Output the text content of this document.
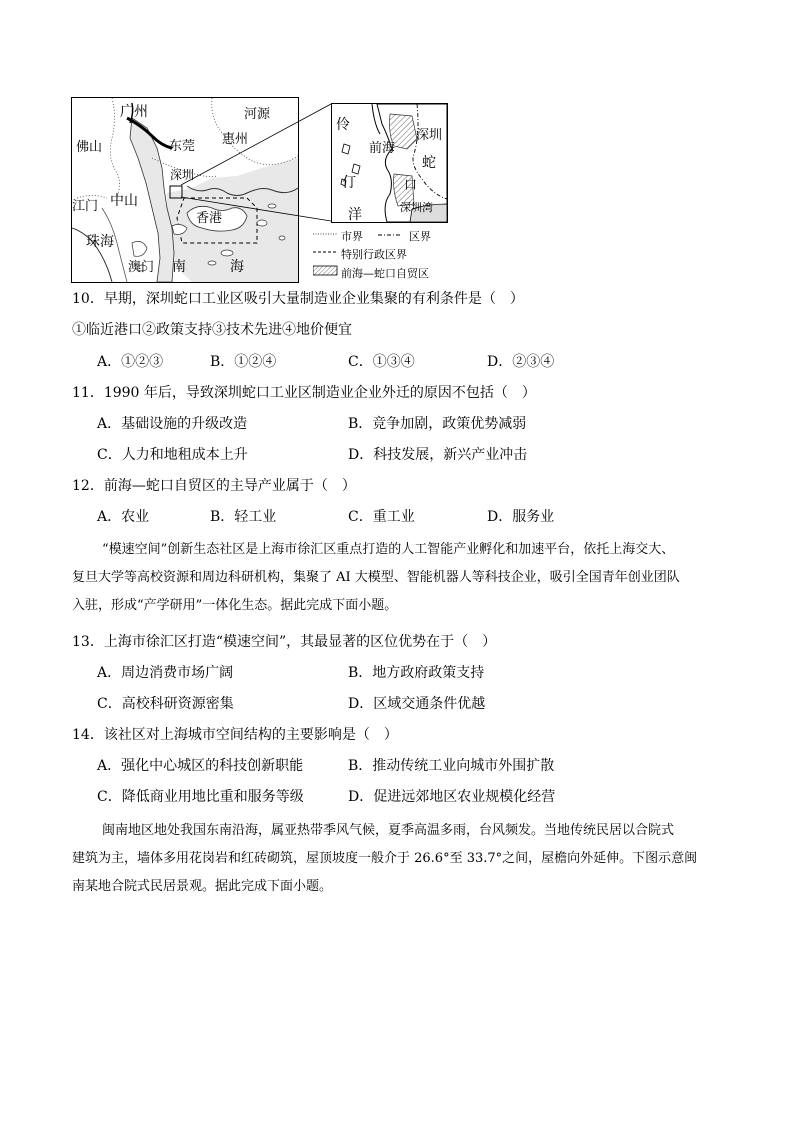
广州	河源
佛山	东莞 惠州
深圳
江门 中山
香港
珠海
澳门 南	海
伶
深圳
前海
蛇
仃	口
洋	深圳湾
市界	区界
特别行政区界
前海—蛇口自贸区
10．早期，深圳蛇口工业区吸引大量制造业企业集聚的有利条件是（　）
①临近港口②政策支持③技术先进④地价便宜
A．①②③	B．①②④	C．①③④	D．②③④
11．1990 年后，导致深圳蛇口工业区制造业企业外迁的原因不包括（　）
A．基础设施的升级改造	B．竞争加剧，政策优势减弱
C．人力和地租成本上升	D．科技发展，新兴产业冲击
12．前海—蛇口自贸区的主导产业属于（　）
A．农业	B．轻工业	C．重工业	D．服务业
“模速空间”创新生态社区是上海市徐汇区重点打造的人工智能产业孵化和加速平台，依托上海交大、
复旦大学等高校资源和周边科研机构，集聚了 AI 大模型、智能机器人等科技企业，吸引全国青年创业团队
入驻，形成“产学研用”一体化生态。据此完成下面小题。
13．上海市徐汇区打造“模速空间”，其最显著的区位优势在于（　）
A．周边消费市场广阔	B．地方政府政策支持
C．高校科研资源密集	D．区域交通条件优越
14．该社区对上海城市空间结构的主要影响是（　）
A．强化中心城区的科技创新职能	B．推动传统工业向城市外围扩散
C．降低商业用地比重和服务等级	D．促进远郊地区农业规模化经营
闽南地区地处我国东南沿海，属亚热带季风气候，夏季高温多雨，台风频发。当地传统民居以合院式
建筑为主，墙体多用花岗岩和红砖砌筑，屋顶坡度一般介于 26.6°至 33.7°之间，屋檐向外延伸。下图示意闽
南某地合院式民居景观。据此完成下面小题。
